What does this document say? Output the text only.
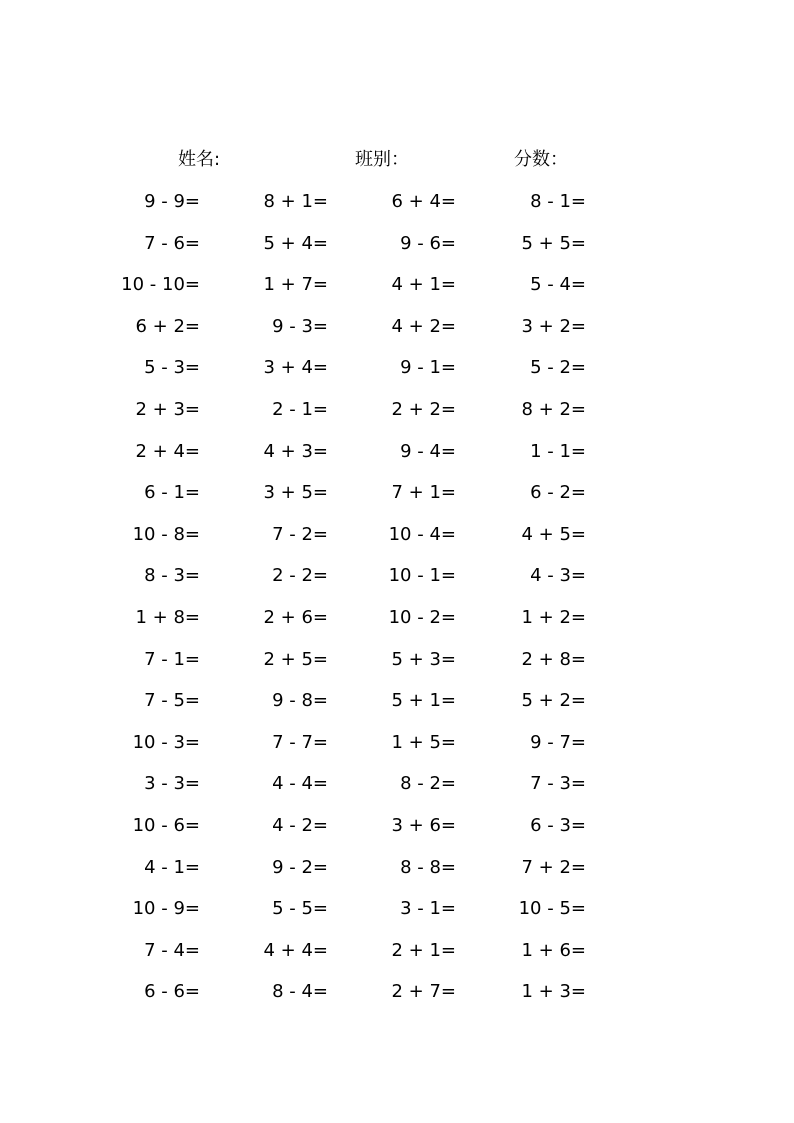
姓名:	班别：	分数：
9 - 9=	8 + 1=	6 + 4=	8 - 1=
7 - 6=	5 + 4=	9 - 6=	5 + 5=
10 - 10=	1 + 7=	4 + 1=	5 - 4=
6 + 2=	9 - 3=	4 + 2=	3 + 2=
5 - 3=	3 + 4=	9 - 1=	5 - 2=
2 + 3=	2 - 1=	2 + 2=	8 + 2=
2 + 4=	4 + 3=	9 - 4=	1 - 1=
6 - 1=	3 + 5=	7 + 1=	6 - 2=
10 - 8=	7 - 2=	10 - 4=	4 + 5=
8 - 3=	2 - 2=	10 - 1=	4 - 3=
1 + 8=	2 + 6=	10 - 2=	1 + 2=
7 - 1=	2 + 5=	5 + 3=	2 + 8=
7 - 5=	9 - 8=	5 + 1=	5 + 2=
10 - 3=	7 - 7=	1 + 5=	9 - 7=
3 - 3=	4 - 4=	8 - 2=	7 - 3=
10 - 6=	4 - 2=	3 + 6=	6 - 3=
4 - 1=	9 - 2=	8 - 8=	7 + 2=
10 - 9=	5 - 5=	3 - 1=	10 - 5=
7 - 4=	4 + 4=	2 + 1=	1 + 6=
6 - 6=	8 - 4=	2 + 7=	1 + 3=
